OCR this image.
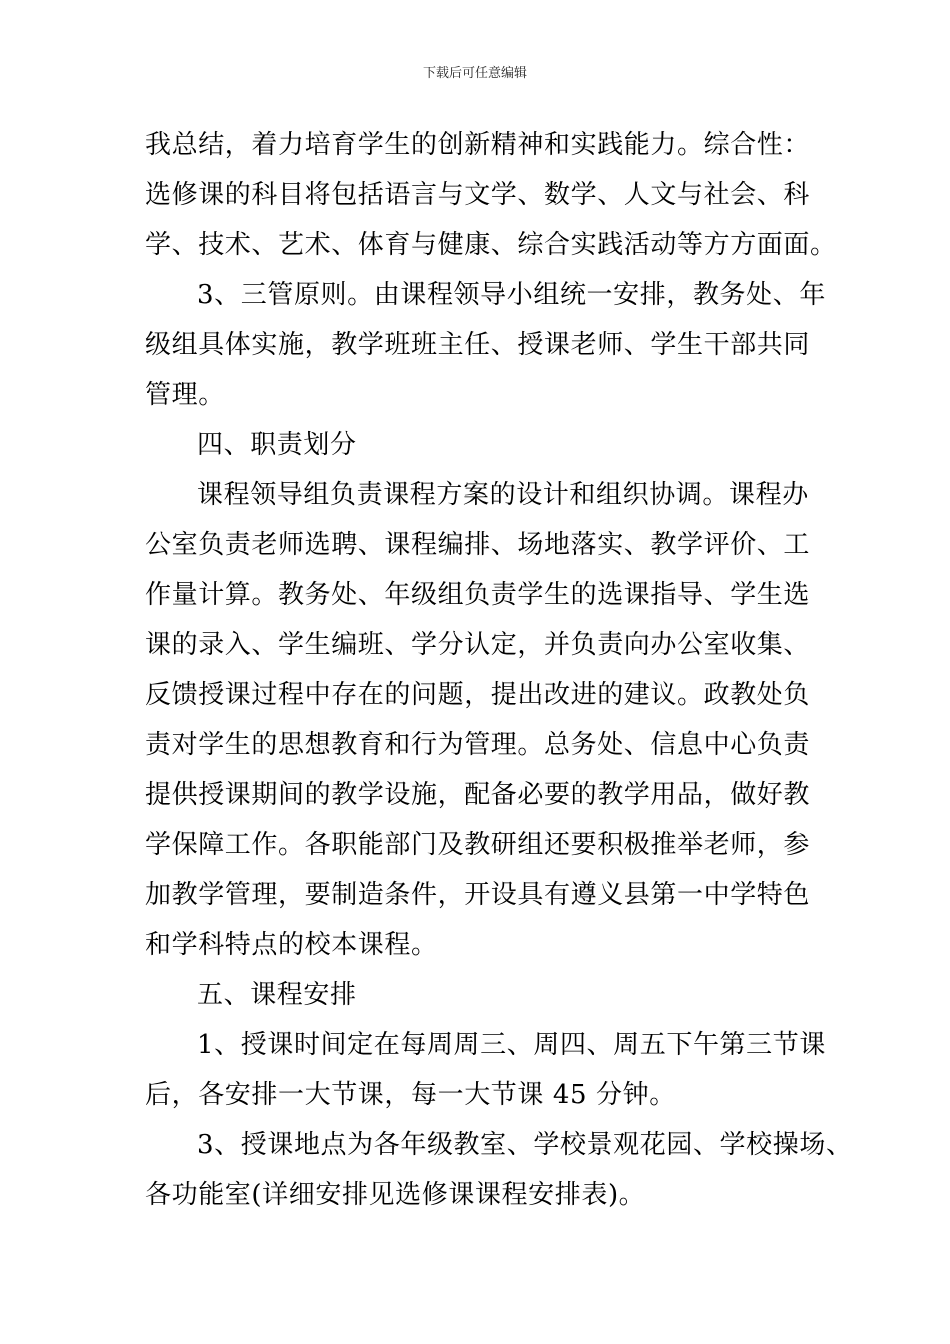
下载后可任意编辑
我总结，着力培育学生的创新精神和实践能力。综合性：
选修课的科目将包括语言与文学、数学、人文与社会、科
学、技术、艺术、体育与健康、综合实践活动等方方面面。
3、三管原则。由课程领导小组统一安排，教务处、年
级组具体实施，教学班班主任、授课老师、学生干部共同
管理。
四、职责划分
课程领导组负责课程方案的设计和组织协调。课程办
公室负责老师选聘、课程编排、场地落实、教学评价、工
作量计算。教务处、年级组负责学生的选课指导、学生选
课的录入、学生编班、学分认定，并负责向办公室收集、
反馈授课过程中存在的问题，提出改进的建议。政教处负
责对学生的思想教育和行为管理。总务处、信息中心负责
提供授课期间的教学设施，配备必要的教学用品，做好教
学保障工作。各职能部门及教研组还要积极推举老师，参
加教学管理，要制造条件，开设具有遵义县第一中学特色
和学科特点的校本课程。
五、课程安排
1、授课时间定在每周周三、周四、周五下午第三节课
后，各安排一大节课，每一大节课 45 分钟。
3、授课地点为各年级教室、学校景观花园、学校操场、
各功能室(详细安排见选修课课程安排表)。
